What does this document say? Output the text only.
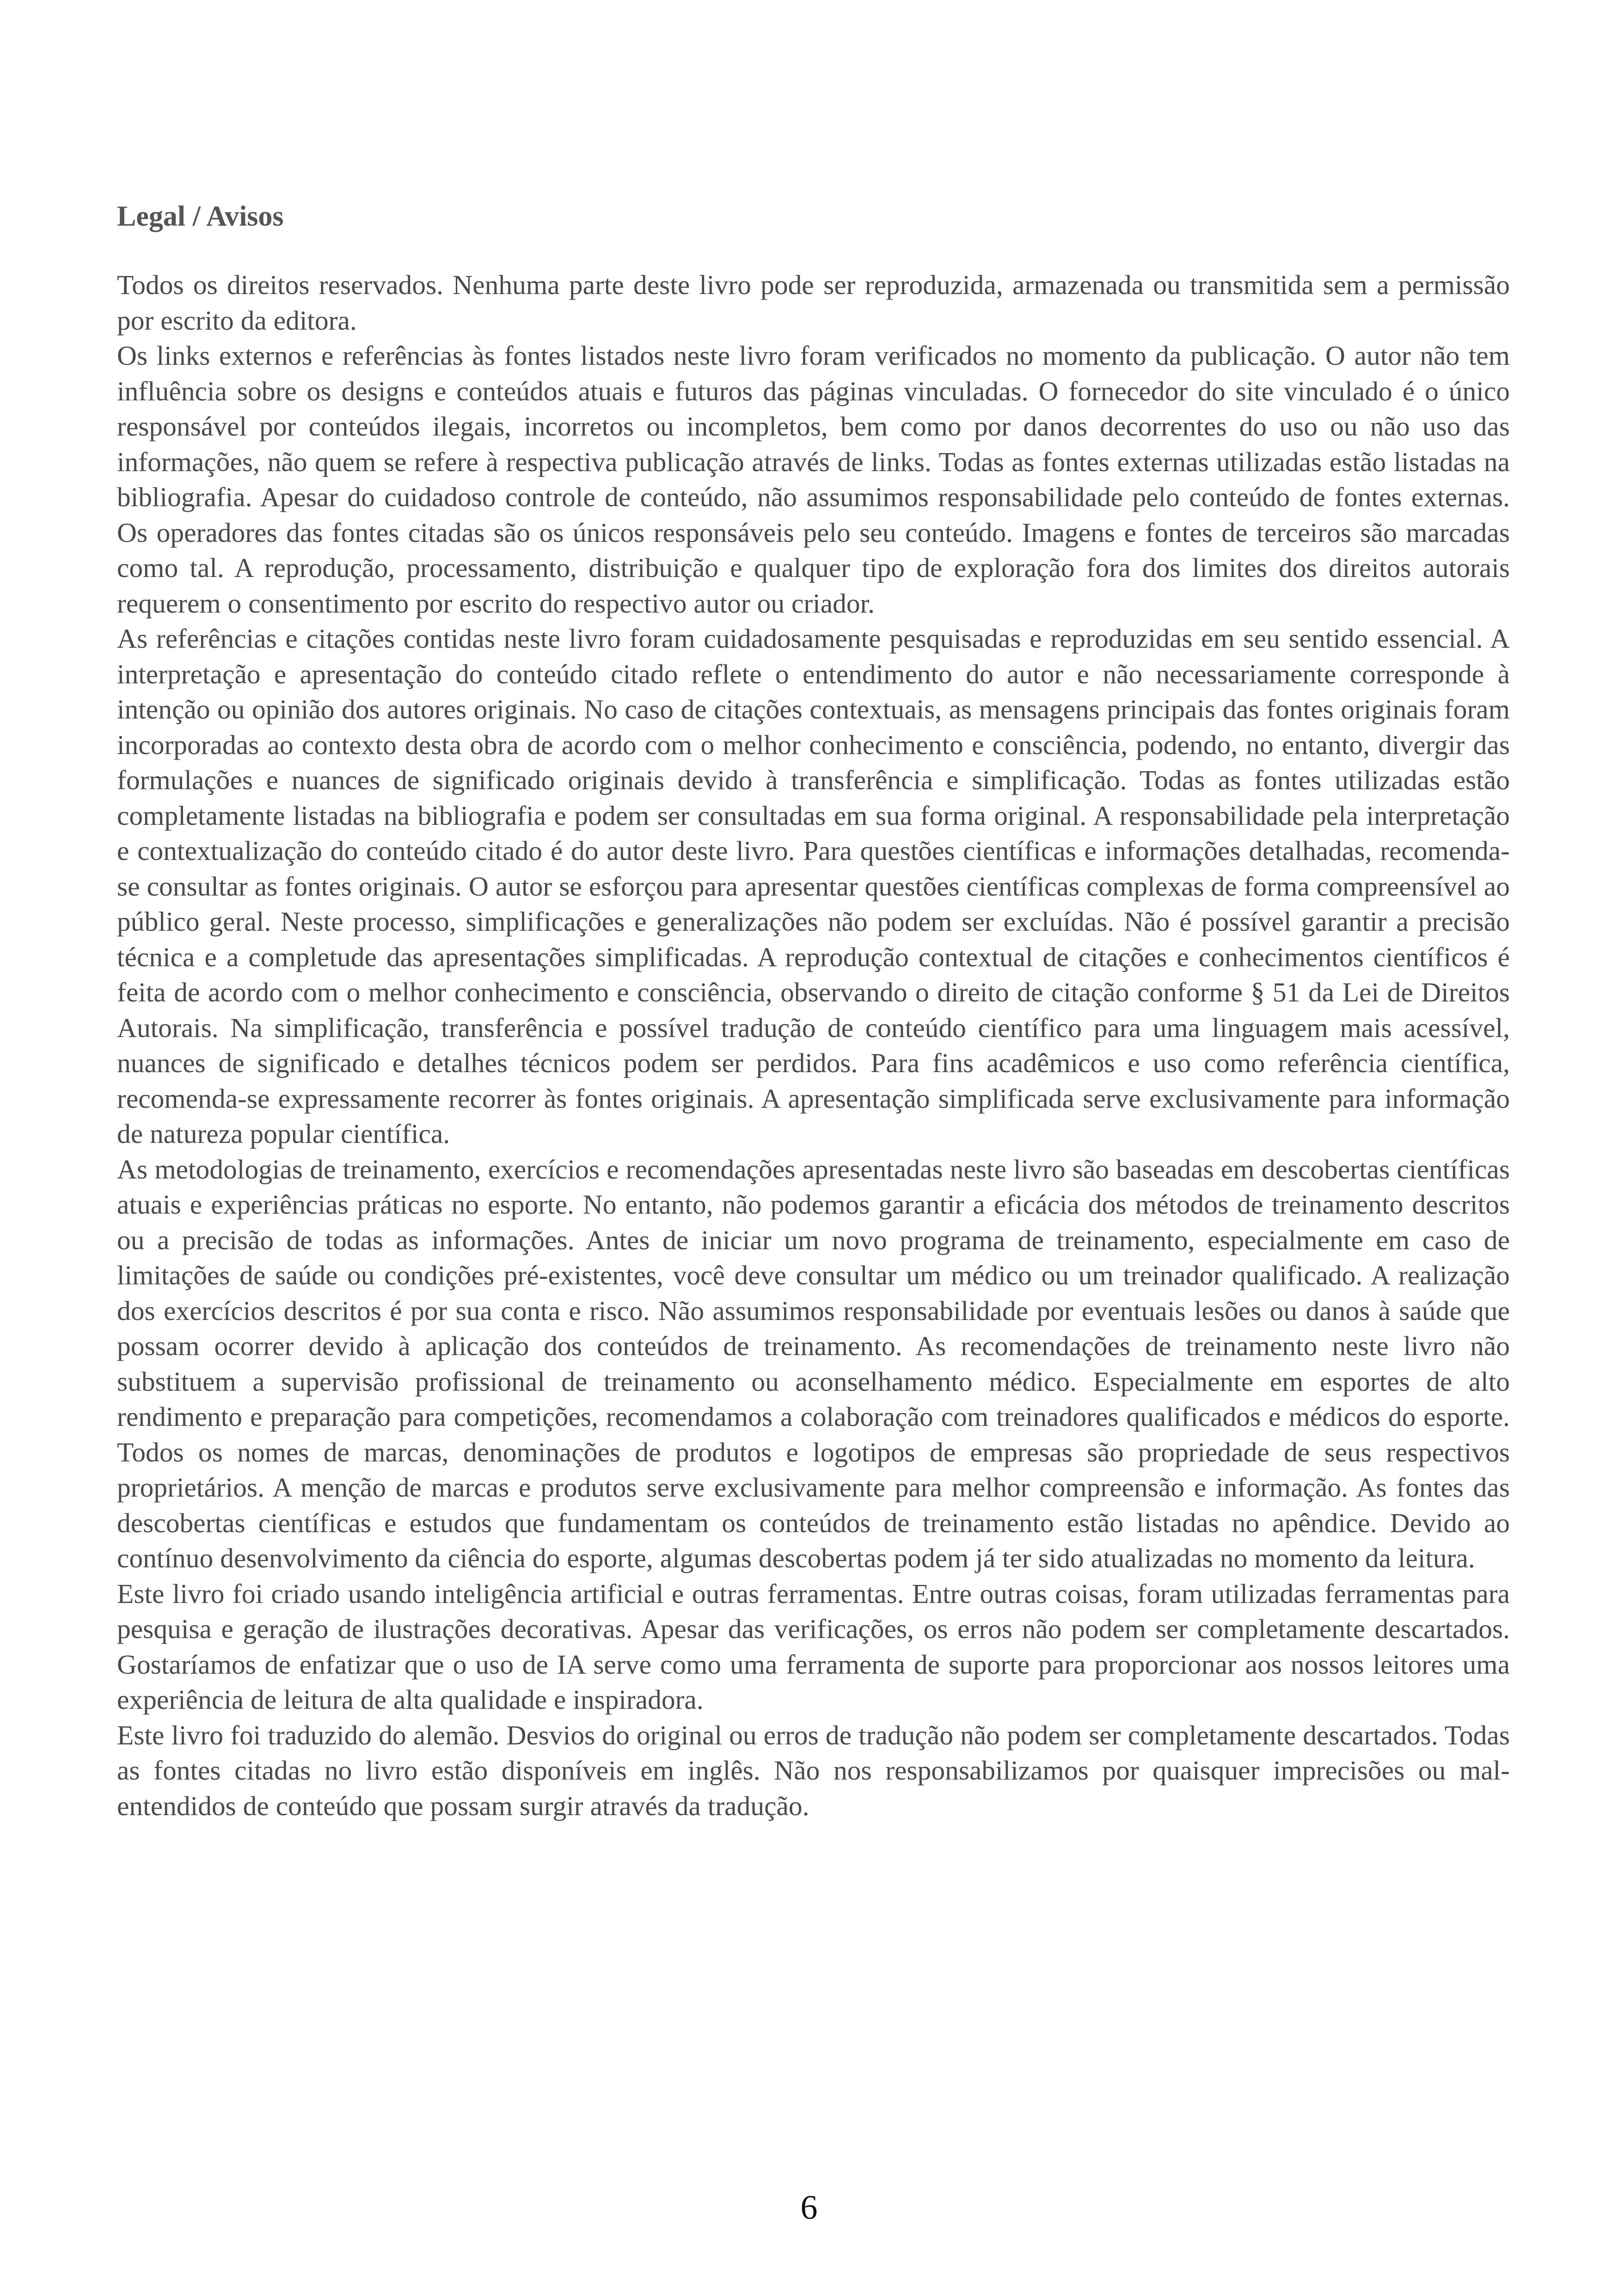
Legal / Avisos

Todos os direitos reservados. Nenhuma parte deste livro pode ser reproduzida, armazenada ou transmitida sem a permissão por escrito da editora.

Os links externos e referências às fontes listados neste livro foram verificados no momento da publicação. O autor não tem influência sobre os designs e conteúdos atuais e futuros das páginas vinculadas. O fornecedor do site vinculado é o único responsável por conteúdos ilegais, incorretos ou incompletos, bem como por danos decorrentes do uso ou não uso das informações, não quem se refere à respectiva publicação através de links. Todas as fontes externas utilizadas estão listadas na bibliografia. Apesar do cuidadoso controle de conteúdo, não assumimos responsabilidade pelo conteúdo de fontes externas. Os operadores das fontes citadas são os únicos responsáveis pelo seu conteúdo. Imagens e fontes de terceiros são marcadas como tal. A reprodução, processamento, distribuição e qualquer tipo de exploração fora dos limites dos direitos autorais requerem o consentimento por escrito do respectivo autor ou criador.

As referências e citações contidas neste livro foram cuidadosamente pesquisadas e reproduzidas em seu sentido essencial. A interpretação e apresentação do conteúdo citado reflete o entendimento do autor e não necessariamente corresponde à intenção ou opinião dos autores originais. No caso de citações contextuais, as mensagens principais das fontes originais foram incorporadas ao contexto desta obra de acordo com o melhor conhecimento e consciência, podendo, no entanto, divergir das formulações e nuances de significado originais devido à transferência e simplificação. Todas as fontes utilizadas estão completamente listadas na bibliografia e podem ser consultadas em sua forma original. A responsabilidade pela interpretação e contextualização do conteúdo citado é do autor deste livro. Para questões científicas e informações detalhadas, recomenda-se consultar as fontes originais. O autor se esforçou para apresentar questões científicas complexas de forma compreensível ao público geral. Neste processo, simplificações e generalizações não podem ser excluídas. Não é possível garantir a precisão técnica e a completude das apresentações simplificadas. A reprodução contextual de citações e conhecimentos científicos é feita de acordo com o melhor conhecimento e consciência, observando o direito de citação conforme § 51 da Lei de Direitos Autorais. Na simplificação, transferência e possível tradução de conteúdo científico para uma linguagem mais acessível, nuances de significado e detalhes técnicos podem ser perdidos. Para fins acadêmicos e uso como referência científica, recomenda-se expressamente recorrer às fontes originais. A apresentação simplificada serve exclusivamente para informação de natureza popular científica.

As metodologias de treinamento, exercícios e recomendações apresentadas neste livro são baseadas em descobertas científicas atuais e experiências práticas no esporte. No entanto, não podemos garantir a eficácia dos métodos de treinamento descritos ou a precisão de todas as informações. Antes de iniciar um novo programa de treinamento, especialmente em caso de limitações de saúde ou condições pré-existentes, você deve consultar um médico ou um treinador qualificado. A realização dos exercícios descritos é por sua conta e risco. Não assumimos responsabilidade por eventuais lesões ou danos à saúde que possam ocorrer devido à aplicação dos conteúdos de treinamento. As recomendações de treinamento neste livro não substituem a supervisão profissional de treinamento ou aconselhamento médico. Especialmente em esportes de alto rendimento e preparação para competições, recomendamos a colaboração com treinadores qualificados e médicos do esporte. Todos os nomes de marcas, denominações de produtos e logotipos de empresas são propriedade de seus respectivos proprietários. A menção de marcas e produtos serve exclusivamente para melhor compreensão e informação. As fontes das descobertas científicas e estudos que fundamentam os conteúdos de treinamento estão listadas no apêndice. Devido ao contínuo desenvolvimento da ciência do esporte, algumas descobertas podem já ter sido atualizadas no momento da leitura.

Este livro foi criado usando inteligência artificial e outras ferramentas. Entre outras coisas, foram utilizadas ferramentas para pesquisa e geração de ilustrações decorativas. Apesar das verificações, os erros não podem ser completamente descartados. Gostaríamos de enfatizar que o uso de IA serve como uma ferramenta de suporte para proporcionar aos nossos leitores uma experiência de leitura de alta qualidade e inspiradora.

Este livro foi traduzido do alemão. Desvios do original ou erros de tradução não podem ser completamente descartados. Todas as fontes citadas no livro estão disponíveis em inglês. Não nos responsabilizamos por quaisquer imprecisões ou mal-entendidos de conteúdo que possam surgir através da tradução.

6
